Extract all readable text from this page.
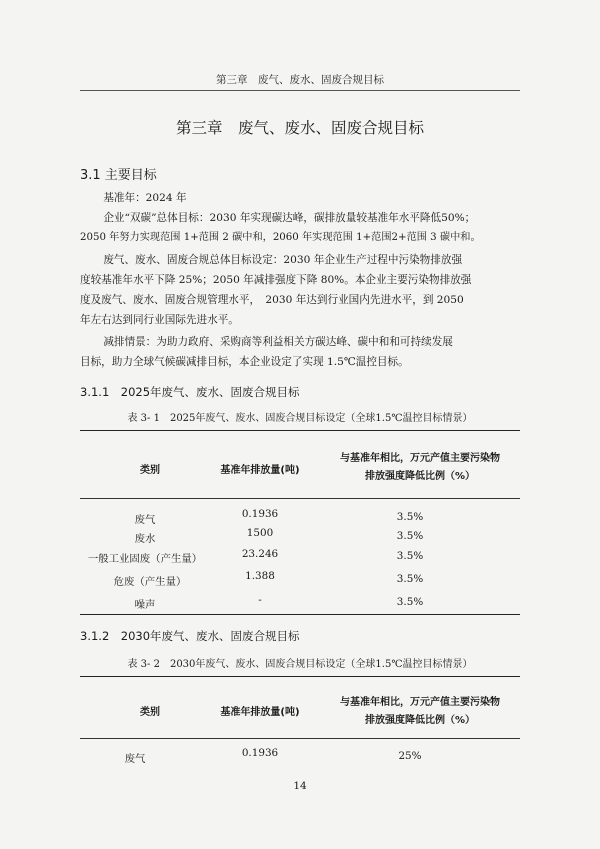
第三章　废气、废水、固废合规目标
第三章　废气、废水、固废合规目标
3.1 主要目标
基准年：2024 年
企业“双碳”总体目标：2030 年实现碳达峰，碳排放量较基准年水平降低50%；
2050 年努力实现范围 1+范围 2 碳中和，2060 年实现范围 1+范围2+范围 3 碳中和。
废气、废水、固废合规总体目标设定：2030 年企业生产过程中污染物排放强
度较基准年水平下降 25%；2050 年减排强度下降 80%。本企业主要污染物排放强
度及废气、废水、固废合规管理水平，　2030 年达到行业国内先进水平，到 2050
年左右达到同行业国际先进水平。
减排情景：为助力政府、采购商等利益相关方碳达峰、碳中和和可持续发展
目标，助力全球气候碳减排目标，本企业设定了实现 1.5℃温控目标。
3.1.1　2025年废气、废水、固废合规目标
表 3- 1　2025年废气、废水、固废合规目标设定（全球1.5℃温控目标情景）
类别	基准年排放量(吨)
与基准年相比，万元产值主要污染物
排放强度降低比例（%）
废气	0.1936	3.5%
废水	1500	3.5%
一般工业固废（产生量）	23.246	3.5%
危废（产生量）	1.388	3.5%
噪声	-	3.5%
3.1.2　2030年废气、废水、固废合规目标
表 3- 2　2030年废气、废水、固废合规目标设定（全球1.5℃温控目标情景）
类别	基准年排放量(吨)
与基准年相比，万元产值主要污染物
排放强度降低比例（%）
废气	0.1936	25%
14
